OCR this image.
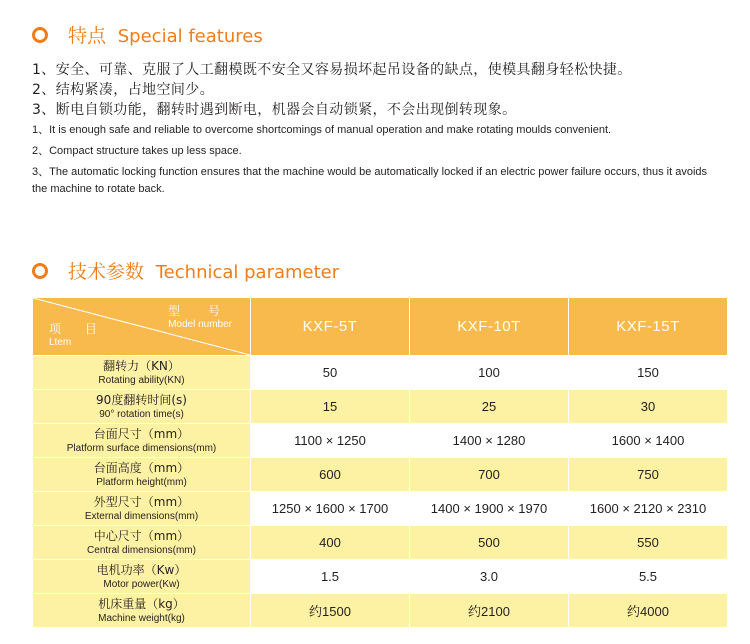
特点 Special features

1、安全、可靠、克服了人工翻模既不安全又容易损坏起吊设备的缺点，使模具翻身轻松快捷。

2、结构紧凑，占地空间少。

3、断电自锁功能，翻转时遇到断电，机器会自动锁紧，不会出现倒转现象。

1、It is enough safe and reliable to overcome shortcomings of manual operation and make rotating moulds convenient.

2、Compact structure takes up less space.

3、The automatic locking function ensures that the machine would be automatically locked if an electric power failure occurs, thus it avoids the machine to rotate back.

技术参数 Technical parameter
型 号
Model number
项 目
Ltem	KXF-5T	KXF-10T	KXF-15T

翻转力（KN）
Rotating ability(KN)	50	100	150

90度翻转时间(s)
90° rotation time(s)	15	25	30

台面尺寸（mm）
Platform surface dimensions(mm)	1100 × 1250	1400 × 1280	1600 × 1400

台面高度（mm）
Platform height(mm)	600	700	750

外型尺寸（mm）
External dimensions(mm)	1250 × 1600 × 1700	1400 × 1900 × 1970	1600 × 2120 × 2310

中心尺寸（mm）
Central dimensions(mm)	400	500	550

电机功率（Kw）
Motor power(Kw)	1.5	3.0	5.5

机床重量（kg）
Machine weight(kg)	约1500	约2100	约4000
